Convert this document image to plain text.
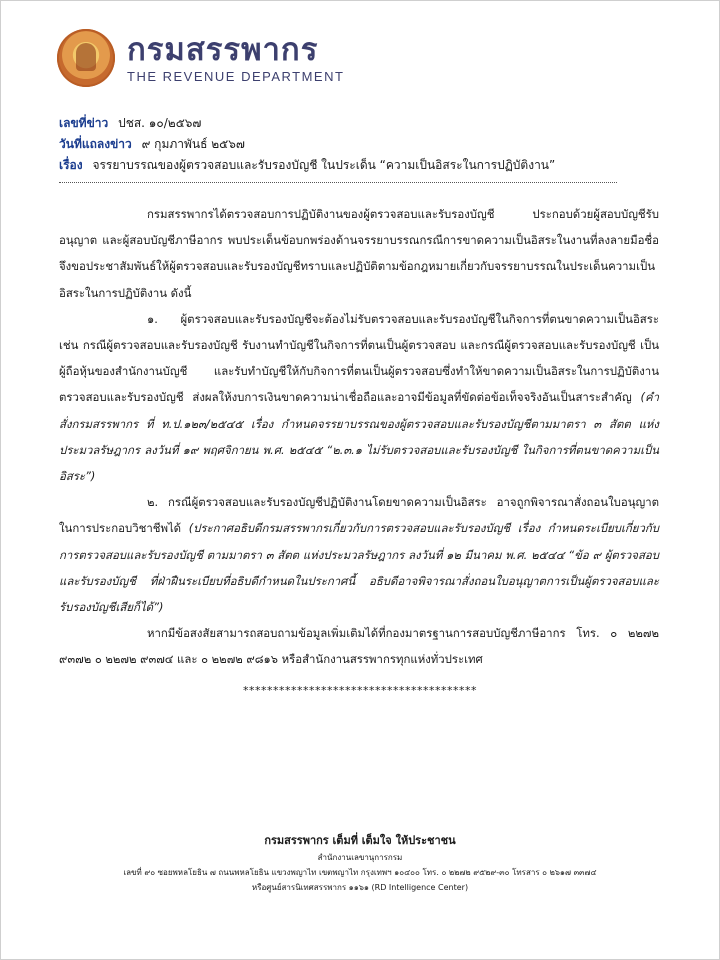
กรมสรรพากร
THE REVENUE DEPARTMENT
เลขที่ข่าว ปชส. ๑๐/๒๕๖๗
วันที่แถลงข่าว ๙ กุมภาพันธ์ ๒๕๖๗
เรื่อง จรรยาบรรณของผู้ตรวจสอบและรับรองบัญชี ในประเด็น “ความเป็นอิสระในการปฏิบัติงาน”

กรมสรรพากรได้ตรวจสอบการปฏิบัติงานของผู้ตรวจสอบและรับรองบัญชี ประกอบด้วยผู้สอบบัญชีรับอนุญาต และผู้สอบบัญชีภาษีอากร พบประเด็นข้อบกพร่องด้านจรรยาบรรณกรณีการขาดความเป็นอิสระในงานที่ลงลายมือชื่อ จึงขอประชาสัมพันธ์ให้ผู้ตรวจสอบและรับรองบัญชีทราบและปฏิบัติตามข้อกฎหมายเกี่ยวกับจรรยาบรรณในประเด็นความเป็นอิสระในการปฏิบัติงาน ดังนี้

๑. ผู้ตรวจสอบและรับรองบัญชีจะต้องไม่รับตรวจสอบและรับรองบัญชีในกิจการที่ตนขาดความเป็นอิสระ เช่น กรณีผู้ตรวจสอบและรับรองบัญชี รับงานทำบัญชีในกิจการที่ตนเป็นผู้ตรวจสอบ และกรณีผู้ตรวจสอบและรับรองบัญชี เป็นผู้ถือหุ้นของสำนักงานบัญชี และรับทำบัญชีให้กับกิจการที่ตนเป็นผู้ตรวจสอบซึ่งทำให้ขาดความเป็นอิสระในการปฏิบัติงานตรวจสอบและรับรองบัญชี ส่งผลให้งบการเงินขาดความน่าเชื่อถือและอาจมีข้อมูลที่ขัดต่อข้อเท็จจริงอันเป็นสาระสำคัญ (คำสั่งกรมสรรพากร ที่ ท.ป.๑๒๓/๒๕๔๕ เรื่อง กำหนดจรรยาบรรณของผู้ตรวจสอบและรับรองบัญชีตามมาตรา ๓ สัตต แห่งประมวลรัษฎากร ลงวันที่ ๑๙ พฤศจิกายน พ.ศ. ๒๕๔๕ “๒.๓.๑ ไม่รับตรวจสอบและรับรองบัญชี ในกิจการที่ตนขาดความเป็นอิสระ”)

๒. กรณีผู้ตรวจสอบและรับรองบัญชีปฏิบัติงานโดยขาดความเป็นอิสระ อาจถูกพิจารณาสั่งถอนใบอนุญาตในการประกอบวิชาชีพได้ (ประกาศอธิบดีกรมสรรพากรเกี่ยวกับการตรวจสอบและรับรองบัญชี เรื่อง กำหนดระเบียบเกี่ยวกับการตรวจสอบและรับรองบัญชี ตามมาตรา ๓ สัตต แห่งประมวลรัษฎากร ลงวันที่ ๑๒ มีนาคม พ.ศ. ๒๕๔๔ “ข้อ ๙ ผู้ตรวจสอบและรับรองบัญชี ที่ฝ่าฝืนระเบียบที่อธิบดีกำหนดในประกาศนี้ อธิบดีอาจพิจารณาสั่งถอนใบอนุญาตการเป็นผู้ตรวจสอบและรับรองบัญชีเสียก็ได้”)

หากมีข้อสงสัยสามารถสอบถามข้อมูลเพิ่มเติมได้ที่กองมาตรฐานการสอบบัญชีภาษีอากร โทร. ๐ ๒๒๗๒ ๙๓๗๒ ๐ ๒๒๗๒ ๙๓๗๔ และ ๐ ๒๒๗๒ ๙๘๑๖ หรือสำนักงานสรรพากรทุกแห่งทั่วประเทศ

***************************************
กรมสรรพากร เต็มที่ เต็มใจ ให้ประชาชน
สำนักงานเลขานุการกรม
เลขที่ ๙๐ ซอยพหลโยธิน ๗ ถนนพหลโยธิน แขวงพญาไท เขตพญาไท กรุงเทพฯ ๑๐๔๐๐ โทร. ๐ ๒๒๗๒ ๙๕๒๙-๓๐ โทรสาร ๐ ๒๖๑๗ ๓๓๗๔
หรือศูนย์สารนิเทศสรรพากร ๑๑๖๑ (RD Intelligence Center)
